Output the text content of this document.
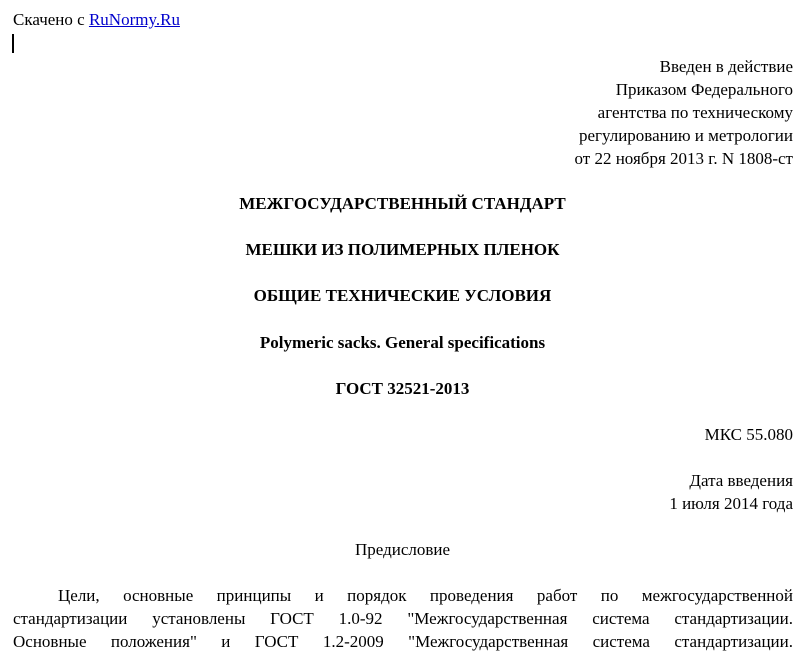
Скачено с RuNormy.Ru
Введен в действие
Приказом Федерального
агентства по техническому
регулированию и метрологии
от 22 ноября 2013 г. N 1808-ст
МЕЖГОСУДАРСТВЕННЫЙ СТАНДАРТ
МЕШКИ ИЗ ПОЛИМЕРНЫХ ПЛЕНОК
ОБЩИЕ ТЕХНИЧЕСКИЕ УСЛОВИЯ
Polymeric sacks. General specifications
ГОСТ 32521-2013
МКС 55.080
Дата введения
1 июля 2014 года
Предисловие
Цели, основные принципы и порядок проведения работ по межгосударственной
стандартизации установлены ГОСТ 1.0-92 "Межгосударственная система стандартизации.
Основные положения" и ГОСТ 1.2-2009 "Межгосударственная система стандартизации.
